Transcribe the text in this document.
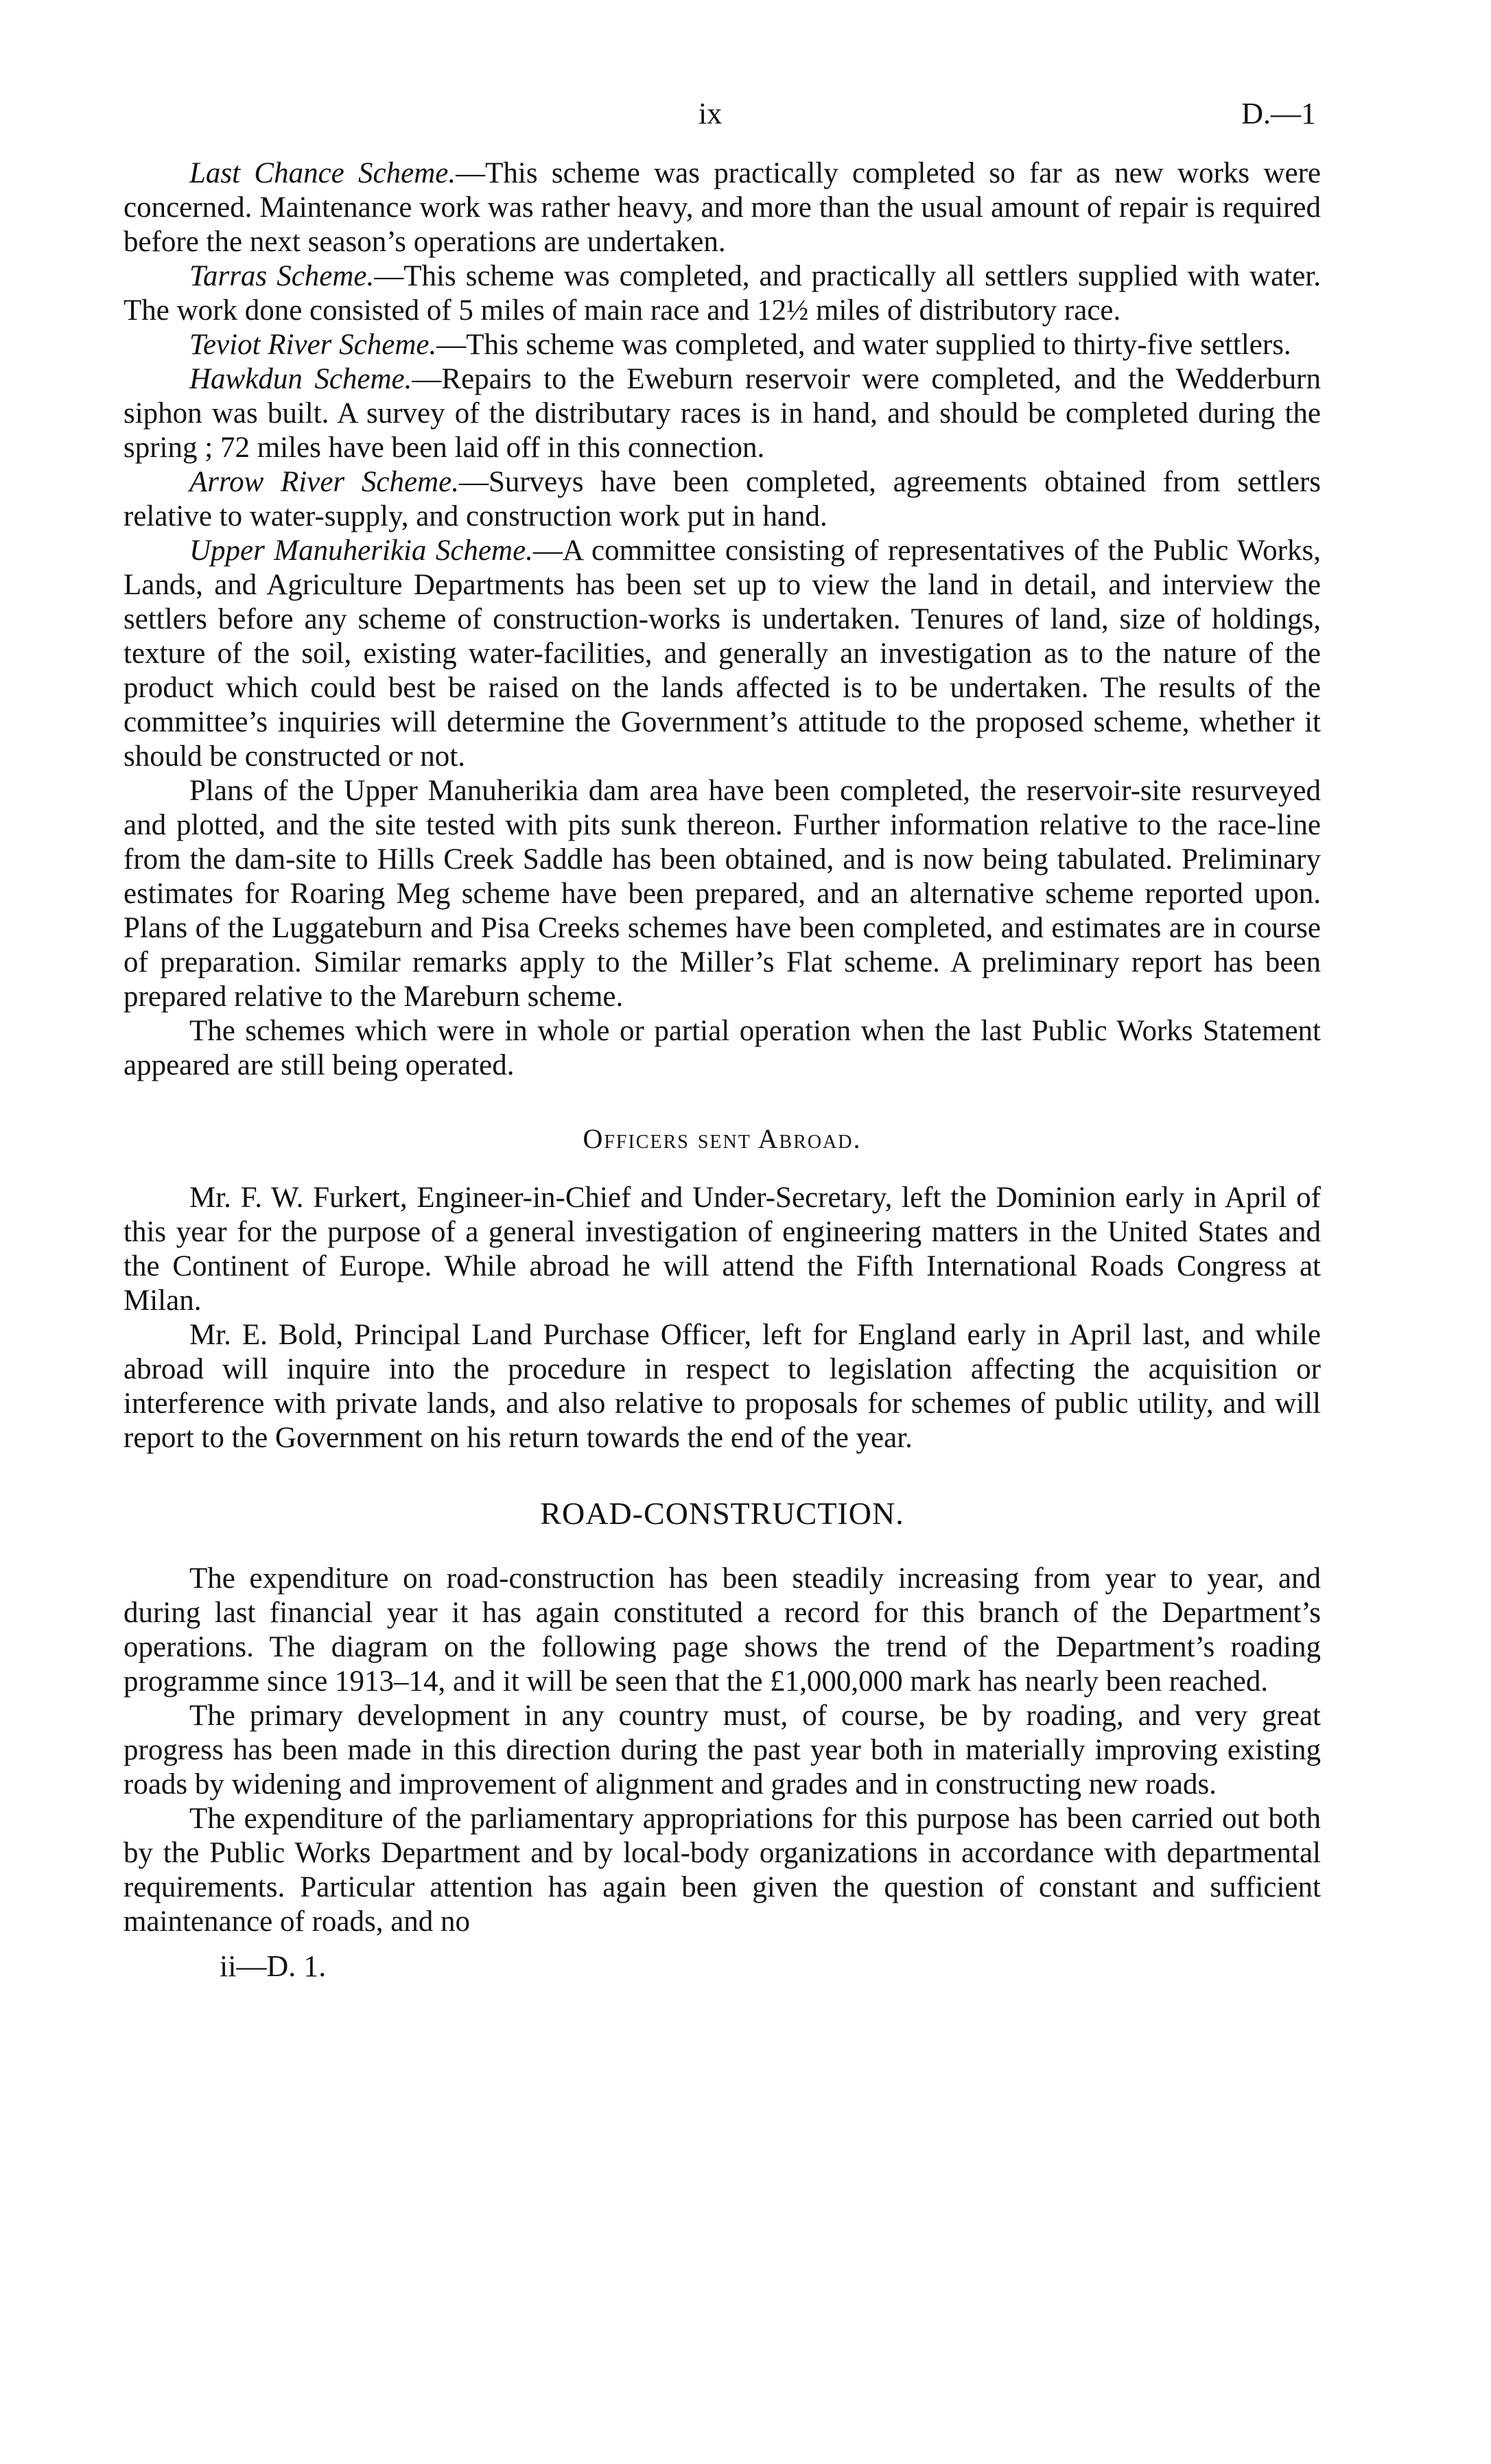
ix	D.—1

Last Chance Scheme.—This scheme was practically completed so far as new works were concerned. Maintenance work was rather heavy, and more than the usual amount of repair is required before the next season’s operations are undertaken.

Tarras Scheme.—This scheme was completed, and practically all settlers supplied with water. The work done consisted of 5 miles of main race and 12½ miles of distributory race.

Teviot River Scheme.—This scheme was completed, and water supplied to thirty-five settlers.

Hawkdun Scheme.—Repairs to the Eweburn reservoir were completed, and the Wedderburn siphon was built. A survey of the distributary races is in hand, and should be completed during the spring ; 72 miles have been laid off in this connection.

Arrow River Scheme.—Surveys have been completed, agreements obtained from settlers relative to water-supply, and construction work put in hand.

Upper Manuherikia Scheme.—A committee consisting of representatives of the Public Works, Lands, and Agriculture Departments has been set up to view the land in detail, and interview the settlers before any scheme of construction-works is undertaken. Tenures of land, size of holdings, texture of the soil, existing water-facilities, and generally an investigation as to the nature of the product which could best be raised on the lands affected is to be undertaken. The results of the committee’s inquiries will determine the Government’s attitude to the proposed scheme, whether it should be constructed or not.

Plans of the Upper Manuherikia dam area have been completed, the reservoir-site resurveyed and plotted, and the site tested with pits sunk thereon. Further information relative to the race-line from the dam-site to Hills Creek Saddle has been obtained, and is now being tabulated. Preliminary estimates for Roaring Meg scheme have been prepared, and an alternative scheme reported upon. Plans of the Luggateburn and Pisa Creeks schemes have been completed, and estimates are in course of preparation. Similar remarks apply to the Miller’s Flat scheme. A preliminary report has been prepared relative to the Mareburn scheme.

The schemes which were in whole or partial operation when the last Public Works Statement appeared are still being operated.

Officers sent Abroad.

Mr. F. W. Furkert, Engineer-in-Chief and Under-Secretary, left the Dominion early in April of this year for the purpose of a general investigation of engineering matters in the United States and the Continent of Europe. While abroad he will attend the Fifth International Roads Congress at Milan.

Mr. E. Bold, Principal Land Purchase Officer, left for England early in April last, and while abroad will inquire into the procedure in respect to legislation affecting the acquisition or interference with private lands, and also relative to proposals for schemes of public utility, and will report to the Government on his return towards the end of the year.

ROAD-CONSTRUCTION.

The expenditure on road-construction has been steadily increasing from year to year, and during last financial year it has again constituted a record for this branch of the Department’s operations. The diagram on the following page shows the trend of the Department’s roading programme since 1913–14, and it will be seen that the £1,000,000 mark has nearly been reached.

The primary development in any country must, of course, be by roading, and very great progress has been made in this direction during the past year both in materially improving existing roads by widening and improvement of alignment and grades and in constructing new roads.

The expenditure of the parliamentary appropriations for this purpose has been carried out both by the Public Works Department and by local-body organizations in accordance with departmental requirements. Particular attention has again been given the question of constant and sufficient maintenance of roads, and no

ii—D. 1.
